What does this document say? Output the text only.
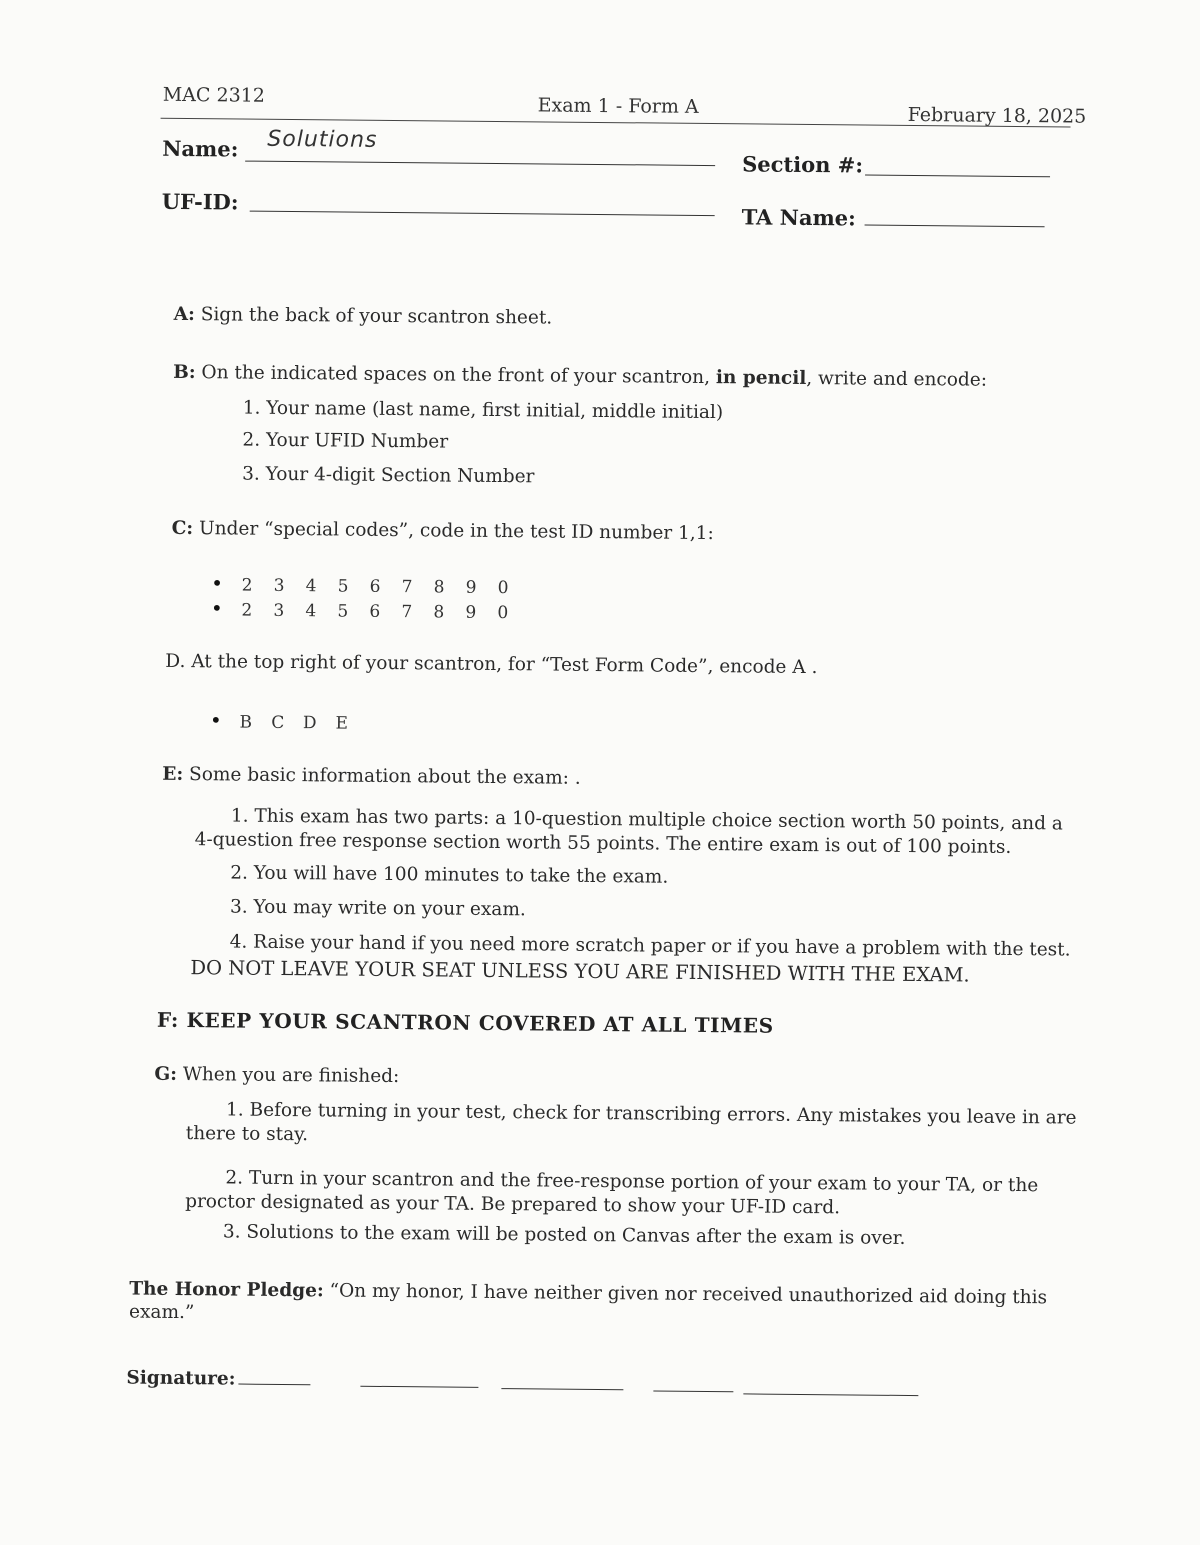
MAC 2312	Exam 1 - Form A	February 18, 2025
Name: Solutions
Section #:
UF-ID:
TA Name:
A: Sign the back of your scantron sheet.
B: On the indicated spaces on the front of your scantron, in pencil, write and encode:
1. Your name (last name, first initial, middle initial)
2. Your UFID Number
3. Your 4-digit Section Number
C: Under “special codes”, code in the test ID number 1,1:
• 2 3 4 5 6 7 8 9 0
• 2 3 4 5 6 7 8 9 0
D. At the top right of your scantron, for “Test Form Code”, encode A .
• B C D E
E: Some basic information about the exam: .
1. This exam has two parts: a 10-question multiple choice section worth 50 points, and a
4-question free response section worth 55 points. The entire exam is out of 100 points.
2. You will have 100 minutes to take the exam.
3. You may write on your exam.
4. Raise your hand if you need more scratch paper or if you have a problem with the test.
DO NOT LEAVE YOUR SEAT UNLESS YOU ARE FINISHED WITH THE EXAM.
F: KEEP YOUR SCANTRON COVERED AT ALL TIMES
G: When you are finished:
1. Before turning in your test, check for transcribing errors. Any mistakes you leave in are
there to stay.
2. Turn in your scantron and the free-response portion of your exam to your TA, or the
proctor designated as your TA. Be prepared to show your UF-ID card.
3. Solutions to the exam will be posted on Canvas after the exam is over.
The Honor Pledge: “On my honor, I have neither given nor received unauthorized aid doing this
exam.”
Signature:
